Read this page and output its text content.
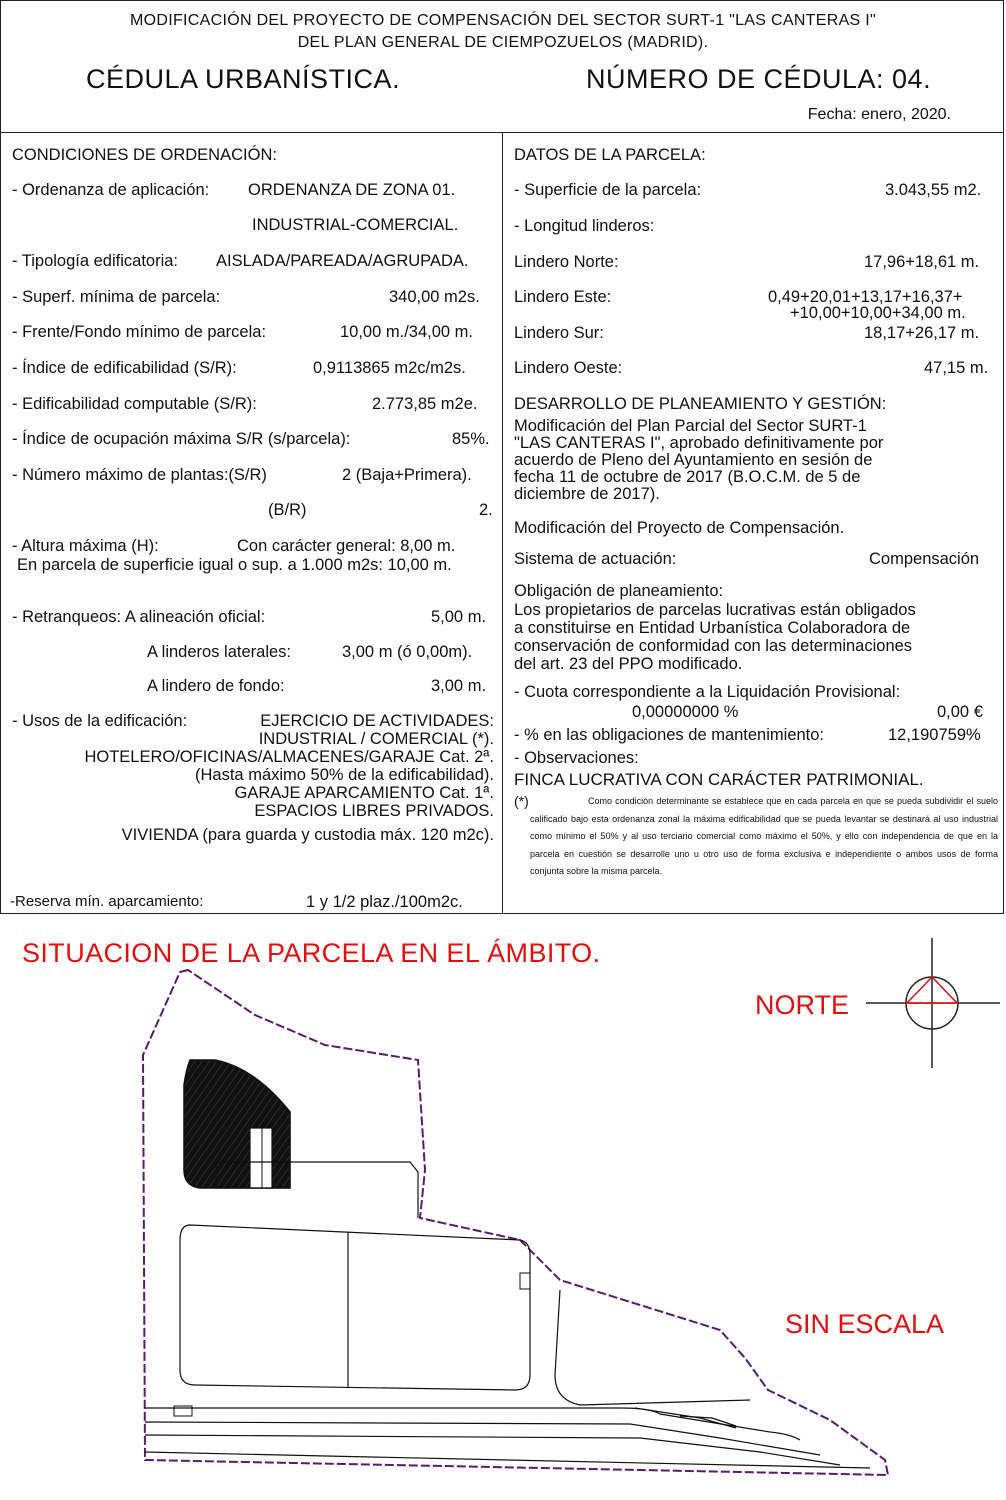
MODIFICACIÓN DEL PROYECTO DE COMPENSACIÓN DEL SECTOR SURT-1 "LAS CANTERAS I"
DEL PLAN GENERAL DE CIEMPOZUELOS (MADRID).
CÉDULA URBANÍSTICA.	NÚMERO DE CÉDULA: 04.
Fecha: enero, 2020.
CONDICIONES DE ORDENACIÓN:
- Ordenanza de aplicación: ORDENANZA DE ZONA 01.
INDUSTRIAL-COMERCIAL.
- Tipología edificatoria: AISLADA/PAREADA/AGRUPADA.
- Superf. mínima de parcela:	340,00 m2s.
- Frente/Fondo mínimo de parcela:	10,00 m./34,00 m.
- Índice de edificabilidad (S/R):	0,9113865 m2c/m2s.
- Edificabilidad computable (S/R):	2.773,85 m2e.
- Índice de ocupación máxima S/R (s/parcela):	85%.
- Número máximo de plantas:(S/R)	2 (Baja+Primera).
(B/R)	2.
- Altura máxima (H):	Con carácter general: 8,00 m.
En parcela de superficie igual o sup. a 1.000 m2s: 10,00 m.
- Retranqueos: A alineación oficial:	5,00 m.
A linderos laterales:	3,00 m (ó 0,00m).
A lindero de fondo:	3,00 m.
- Usos de la edificación:	EJERCICIO DE ACTIVIDADES:
INDUSTRIAL / COMERCIAL (*).
HOTELERO/OFICINAS/ALMACENES/GARAJE Cat. 2ª.
(Hasta máximo 50% de la edificabilidad).
GARAJE APARCAMIENTO Cat. 1ª.
ESPACIOS LIBRES PRIVADOS.
VIVIENDA (para guarda y custodia máx. 120 m2c).
-Reserva mín. aparcamiento:	1 y 1/2 plaz./100m2c.
DATOS DE LA PARCELA:
- Superficie de la parcela:	3.043,55 m2.
- Longitud linderos:
Lindero Norte:	17,96+18,61 m.
Lindero Este:	0,49+20,01+13,17+16,37+
+10,00+10,00+34,00 m.
Lindero Sur:	18,17+26,17 m.
Lindero Oeste:	47,15 m.
DESARROLLO DE PLANEAMIENTO Y GESTIÓN:
Modificación del Plan Parcial del Sector SURT-1
"LAS CANTERAS I", aprobado definitivamente por
acuerdo de Pleno del Ayuntamiento en sesión de
fecha 11 de octubre de 2017 (B.O.C.M. de 5 de
diciembre de 2017).
Modificación del Proyecto de Compensación.
Sistema de actuación:	Compensación
Obligación de planeamiento:
Los propietarios de parcelas lucrativas están obligados
a constituirse en Entidad Urbanística Colaboradora de
conservación de conformidad con las determinaciones
del art. 23 del PPO modificado.
- Cuota correspondiente a la Liquidación Provisional:
0,00000000 %	0,00 €
- % en las obligaciones de mantenimiento:	12,190759%
- Observaciones:
FINCA LUCRATIVA CON CARÁCTER PATRIMONIAL.
(*)	Como condición determinante se establece que en cada parcela en que se pueda subdividir el suelo calificado bajo esta ordenanza zonal la máxima edificabilidad que se pueda levantar se destinará al uso industrial como mínimo el 50% y al uso terciario comercial como máximo el 50%, y ello con independencia de que en la parcela en cuestión se desarrolle uno u otro uso de forma exclusiva e independiente o ambos usos de forma conjunta sobre la misma parcela.
SITUACION DE LA PARCELA EN EL ÁMBITO.
NORTE
SIN ESCALA
